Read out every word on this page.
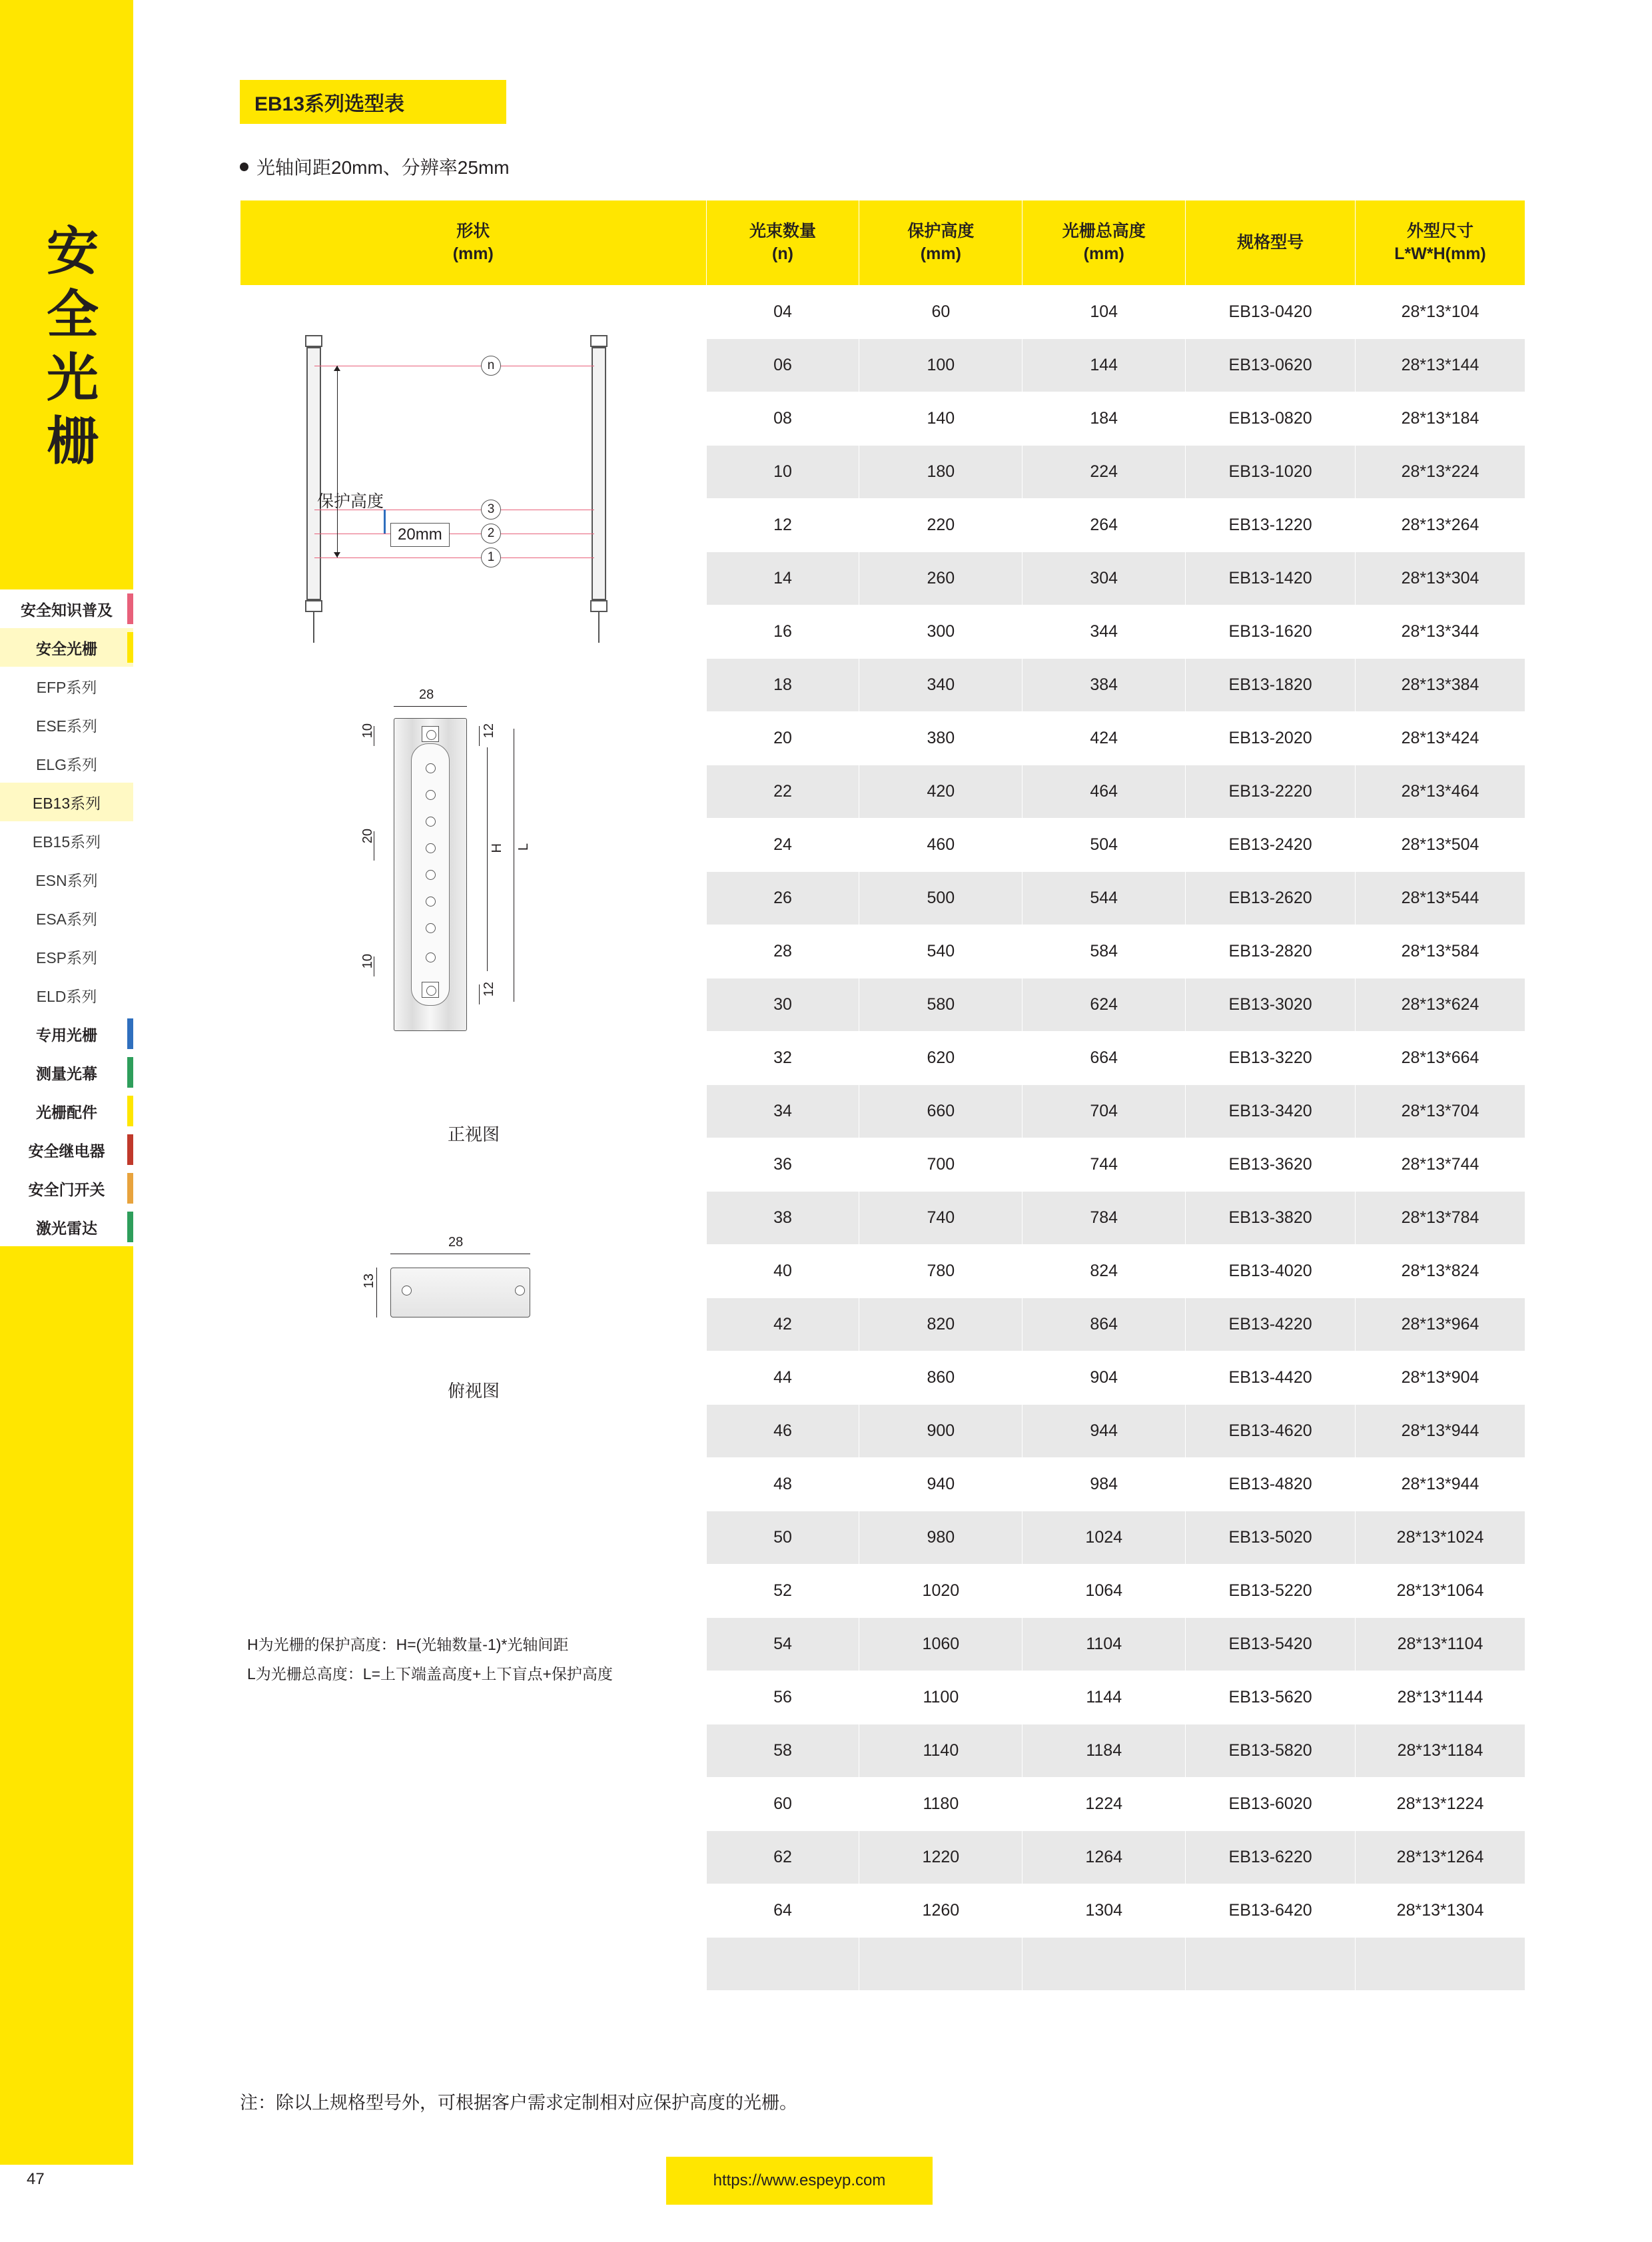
安全光栅
安全知识普及
安全光栅
EFP系列
ESE系列
ELG系列
EB13系列
EB15系列
ESN系列
ESA系列
ESP系列
ELD系列
专用光栅
测量光幕
光栅配件
安全继电器
安全门开关
激光雷达
EB13系列选型表
光轴间距20mm、分辨率25mm
形状
(mm)

光束数量
(n)

保护高度
(mm)

光栅总高度
(mm)

规格型号

外型尺寸
L*W*H(mm)

	04	60	104	EB13-0420	28*13*104
	06	100	144	EB13-0620	28*13*144
	08	140	184	EB13-0820	28*13*184
	10	180	224	EB13-1020	28*13*224
	12	220	264	EB13-1220	28*13*264
	14	260	304	EB13-1420	28*13*304
	16	300	344	EB13-1620	28*13*344
	18	340	384	EB13-1820	28*13*384
	20	380	424	EB13-2020	28*13*424
	22	420	464	EB13-2220	28*13*464
	24	460	504	EB13-2420	28*13*504
	26	500	544	EB13-2620	28*13*544
	28	540	584	EB13-2820	28*13*584
	30	580	624	EB13-3020	28*13*624
	32	620	664	EB13-3220	28*13*664
	34	660	704	EB13-3420	28*13*704
	36	700	744	EB13-3620	28*13*744
	38	740	784	EB13-3820	28*13*784
	40	780	824	EB13-4020	28*13*824
	42	820	864	EB13-4220	28*13*964
	44	860	904	EB13-4420	28*13*904
	46	900	944	EB13-4620	28*13*944
	48	940	984	EB13-4820	28*13*944
	50	980	1024	EB13-5020	28*13*1024
	52	1020	1064	EB13-5220	28*13*1064
	54	1060	1104	EB13-5420	28*13*1104
	56	1100	1144	EB13-5620	28*13*1144
	58	1140	1184	EB13-5820	28*13*1184
	60	1180	1224	EB13-6020	28*13*1224
	62	1220	1264	EB13-6220	28*13*1264
	64	1260	1304	EB13-6420	28*13*1304

n
3
2
1
保护高度
20mm
28
12
10
20
H L
10
12
正视图
28
13
俯视图
H为光栅的保护高度：H=(光轴数量-1)*光轴间距
L为光栅总高度：L=上下端盖高度+上下盲点+保护高度
注：除以上规格型号外，可根据客户需求定制相对应保护高度的光栅。
47	https://www.espeyp.com
